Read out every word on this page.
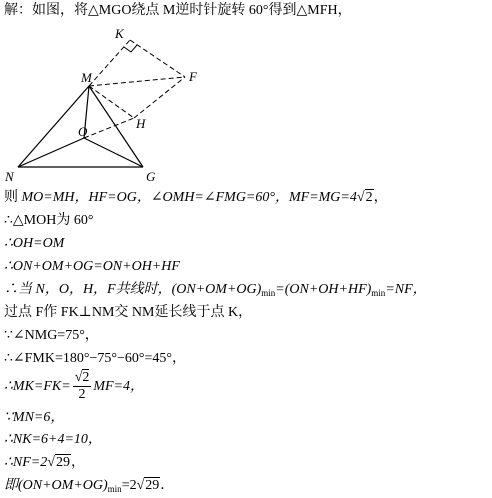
解：如图，将△MGO绕点 M逆时针旋转 60°得到△MFH，
K
M	F
H
O
N	G
则 MO=MH，HF=OG，∠OMH=∠FMG=60°，MF=MG=4√2，
∴△MOH为 60°
∴OH=OM
∴ON+OM+OG=ON+OH+HF
∴当 N，O，H，F共线时，$(ON+OM+OG)_{min}=(ON+OH+HF)_{min}=NF$，
过点 F作 FK⊥NM交 NM延长线于点 K，
∵∠NMG=75°，
∴∠FMK=180°−75°−60°=45°，
∴MK=FK= $\frac{√2}{2} MF=4$，
∵MN=6，
∴NK=6+4=10，
∴NF=2√29，
即$(ON+OM+OG)_{min}=2√29$．
